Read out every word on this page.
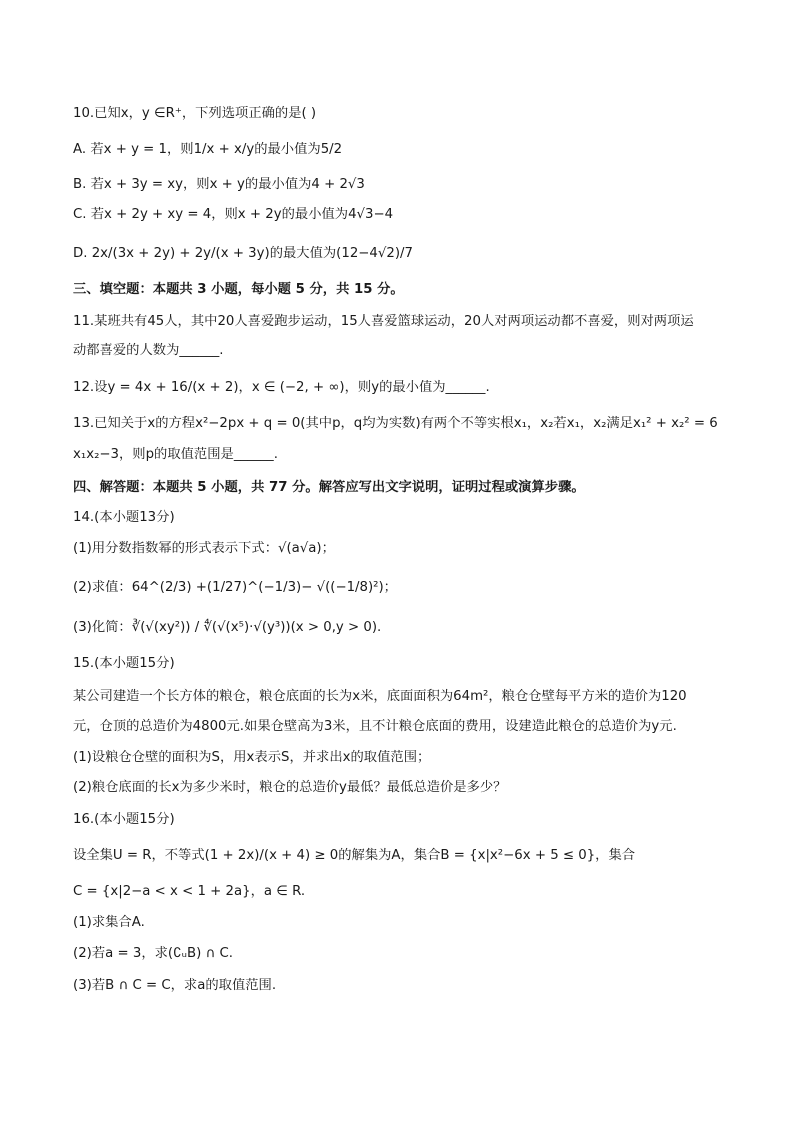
10.已知x，y ∈R⁺，下列选项正确的是( )
A. 若x + y = 1，则1/x + x/y的最小值为5/2
B. 若x + 3y = xy，则x + y的最小值为4 + 2√3
C. 若x + 2y + xy = 4，则x + 2y的最小值为4√3−4
D. 2x/(3x + 2y) + 2y/(x + 3y)的最大值为(12−4√2)/7
三、填空题：本题共 3 小题，每小题 5 分，共 15 分。
11.某班共有45人，其中20人喜爱跑步运动，15人喜爱篮球运动，20人对两项运动都不喜爱，则对两项运
动都喜爱的人数为______.
12.设y = 4x + 16/(x + 2)，x ∈ (−2, + ∞)，则y的最小值为______.
13.已知关于x的方程x²−2px + q = 0(其中p，q均为实数)有两个不等实根x₁，x₂若x₁，x₂满足x₁² + x₂² = 6
x₁x₂−3，则p的取值范围是______.
四、解答题：本题共 5 小题，共 77 分。解答应写出文字说明，证明过程或演算步骤。
14.(本小题13分)
(1)用分数指数幂的形式表示下式：√(a√a)；
(2)求值：64^(2/3) +(1/27)^(−1/3)− √((−1/8)²)；
(3)化简：∛(√(xy²)) / ∜(√(x⁵)·√(y³))(x > 0,y > 0).
15.(本小题15分)
某公司建造一个长方体的粮仓，粮仓底面的长为x米，底面面积为64m²，粮仓仓壁每平方米的造价为120
元，仓顶的总造价为4800元.如果仓壁高为3米，且不计粮仓底面的费用，设建造此粮仓的总造价为y元.
(1)设粮仓仓壁的面积为S，用x表示S，并求出x的取值范围；
(2)粮仓底面的长x为多少米时，粮仓的总造价y最低？最低总造价是多少？
16.(本小题15分)
设全集U = R，不等式(1 + 2x)/(x + 4) ≥ 0的解集为A，集合B = {x|x²−6x + 5 ≤ 0}，集合
C = {x|2−a < x < 1 + 2a}，a ∈ R.
(1)求集合A.
(2)若a = 3，求(∁ᵤB) ∩ C.
(3)若B ∩ C = C，求a的取值范围.
